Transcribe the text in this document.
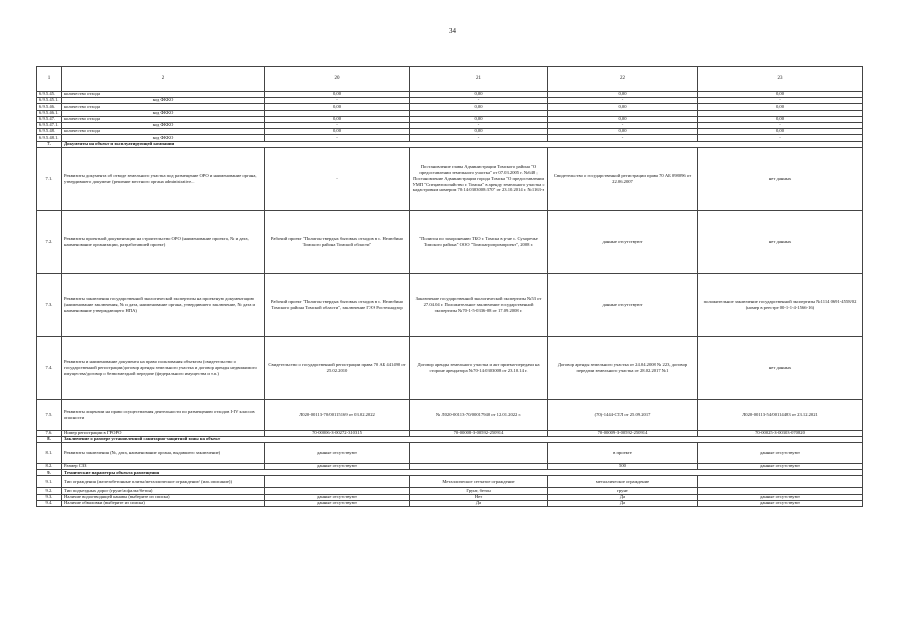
34
1	2	20	21	22	23
6.9.5.45.	количество отхода	0,00	0,00	0,00	0,00
6.9.5.45.1.	код ФККО	-	-	-	-
6.9.5.46.	количество отхода	0,00	0,00	0,00	0,00
6.9.5.46.1.	код ФККО				
6.9.5.47.	количество отхода	0,00	0,00	0,00	0,00
6.9.5.47.1.	код ФККО	-	-	-	-
6.9.5.48.	количество отхода	0,00	0,00	0,00	0,00
6.9.5.48.1.	код ФККО	-	-	-	-
7.	Документы на объект и эксплуатирующей компании				
7.1.	Реквизиты документа об отводе земельного участка под размещение ОРО и наименование органа, утвердившего документ (решение местного органа administrative...	-	Постановление главы Администрации Томского района "О предоставлении земельного участка" от 07.03.2005 г. №648 ; Постановление Администрации города Томска "О предоставлении УМП "Спецавтохозяйство г. Томска" в аренду земельного участка с кадастровым номером 70:14:0303008:370" от 23.10.2014 г. №1163-з	Свидетельство о государственной регистрации права 70 АБ 098096 от 22.06.2007	нет данных
7.2.	Реквизиты проектной документации на строительство ОРО (наименование проекта, № и дата, наименование организации, разработавшей проект)	Рабочий проект "Полигон твердых бытовых отходов в с. Нелюбино Томского района Томской области"	"Полигон по захоронению ТБО г. Томска в р-не с. Сухоречье Томского района" ООО "Томскагропромпроект", 2008 г.	данные отсутствуют	нет данных
7.3.	Реквизиты заключения государственной экологической экспертизы на проектную документацию (наименование заключения, № и дата, наименование органа, утвердившего заключение, № дата и наименование утверждающего НПА)	Рабочий проект "Полигон твердых бытовых отходов в с. Нелюбино Томского района Томской области", заключение ГЭЭ Ростехнадзор	Заключение государственной экологической экспертизы №53 от 27.04.04 г. Положительное заключение государственной экспертизы №70-1-5-0336-08 от 17.09.2008 г.	данные отсутствуют	положительное заключение государственной экспертизы №1114 0691-4558/02 (номер в реестре 00-1-1-4-1566-16)
7.4.	Реквизиты и наименование документа на право пользования объектом (свидетельство о государственной регистрации/договор аренды земельного участка и договор аренды недвижимого имущества/договор о безвозмездной передаче (федерального имущества и т.п.)	Свидетельство о государственной регистрации права 70 АБ 441490 от 25.02.2010	Договор аренды земельного участка и акт приема-передачи на стороне арендатора №70-14:0303008 от 23.10.14 г.	Договор аренды земельного участка от 24.04.2008 № 223, договор передачи земельного участка от 28.02.2017 №1	нет данных
7.5.	Реквизиты лицензии на право осуществления деятельности по размещению отходов I-IV классов опасности	Л020-00113-70/00115169 от 03.02.2022	№ Л020-00113-70/00017940 от 12.01.2022 г.	(70)-1444-СТЛ от 25.09.2017	Л020-00113-54/00114483 от 23.12.2021
7.6.	Номер регистрации в ГРОРО	70-00006-З-00272-310315	70-00008-З-00592-250914	70-00009-З-00592-250914	70-00025-З-00303-070820
8.	Заключение о размере установленной санитарно-защитной зоны на объект				
8.1.	Реквизиты заключения (№, дата, наименование органа, выдавшего заключение)	данные отсутствуют		в проекте	данные отсутствуют
8.2.	Размер СЗЗ	данные отсутствуют		500	данные отсутствуют
9.	Технические параметры объекта размещения				
9.1.	Тип ограждения (железобетонные плиты/металлическое ограждение/ (иль описание))		Металлическое сетчатое ограждение	металлическое ограждение	
9.2.	Тип подъездных дорог (грунт/асфальт/бетон)		Грунт, бетон	грунт	
9.3.	Наличие водоотводящей канавы (выберите из списка)	данные отсутствуют	Нет	Да	данные отсутствуют
9.4.	Наличие обваловки (выберите из списка)	данные отсутствуют	Да	Да	данные отсутствуют
